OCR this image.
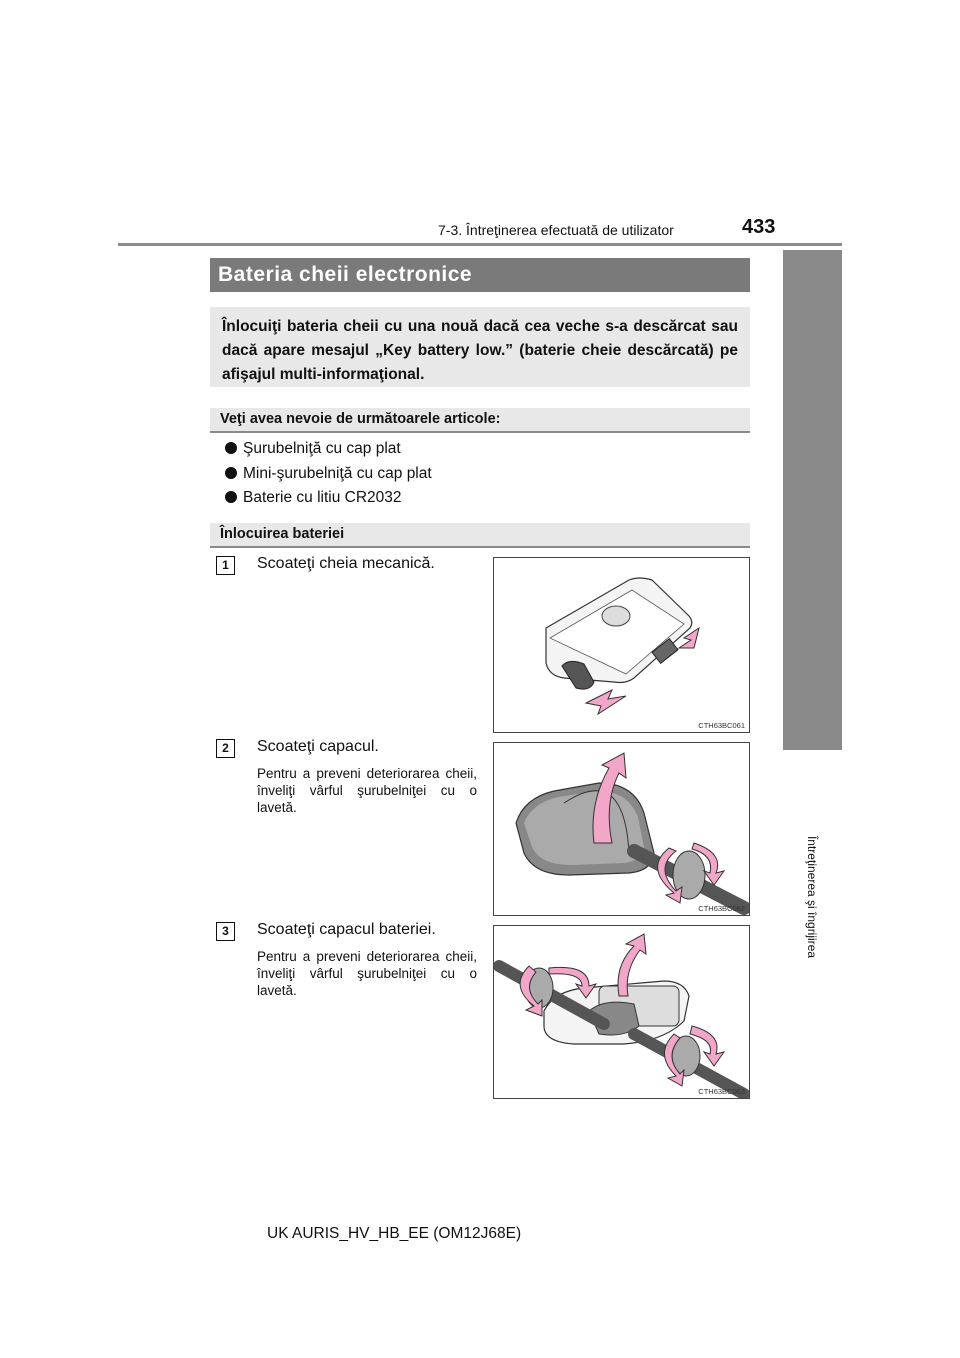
7-3. Întreţinerea efectuată de utilizator	433
7
Întreţinerea şi îngrijirea
Bateria cheii electronice

Înlocuiţi bateria cheii cu una nouă dacă cea veche s-a descărcat sau dacă apare mesajul „Key battery low.” (baterie cheie descărcată) pe afişajul multi-informaţional.

Veţi avea nevoie de următoarele articole:
Şurubelniţă cu cap plat
Mini-şurubelniţă cu cap plat
Baterie cu litiu CR2032
Înlocuirea bateriei
1	Scoateţi cheia mecanică.
CTH63BC061
2	Scoateţi capacul.
Pentru a preveni deteriorarea cheii, înveliţi vârful şurubelniţei cu o lavetă.
CTH63BC062
3	Scoateţi capacul bateriei.
Pentru a preveni deteriorarea cheii, înveliţi vârful şurubelniţei cu o lavetă.
CTH63BC063
UK AURIS_HV_HB_EE (OM12J68E)
